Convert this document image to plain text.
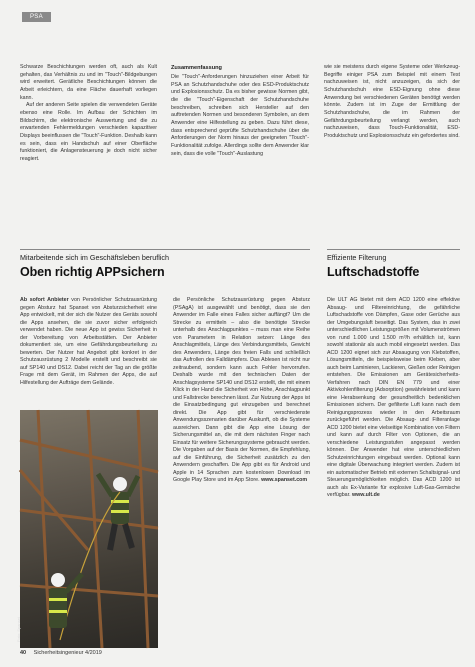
PSA

Schwarze Beschichtungen werden oft, auch als Kult gehalten, das Verhältnis zu und im "Touch"-Bildgebungen wird erweitert. Gerätliche Beschichtungen können die Arbeit erleichtern, da eine Fläche dauerhaft vorliegen kann.

Auf der anderen Seite spielen die verwendeten Geräte ebenso eine Rolle. Im Aufbau der Schichten im Bildschirm, die elektronische Auswertung und die zu erwartenden Fehlermeldungen verschieden kapazitiver Displays beeinflussen die "Touch"-Funktion. Deshalb kann es sein, dass ein Handschuh auf einer Oberfläche funktioniert, die Anlagensteuerung je doch nicht sicher reagiert.

Zusammenfassung

Die "Touch"-Anforderungen hinzuziehen einer Arbeit für PSA an Schutzhandschuhe oder des ESD-Produktschutz und Explosionsschutz. Da es bisher gewisse Normen gibt, die die "Touch"-Eigenschaft der Schutzhandschuhe beschreiben, schreiben sich Hersteller auf den auftretenden Normen und besonderen Symbolen, an dem Anwender eine Hilfestellung zu geben. Dazu führt diese, dass entsprechend geprüfte Schutzhandschuhe über die Anforderungen der Norm hinaus der geeigneten "Touch"-Funktionalität zufolge. Allerdings sollte dem Anwender klar sein, dass die volle "Touch"-Auslastung

wie sie meistens durch eigene Systeme oder Werkzeug-Begriffe einiger PSA zum Beispiel mit einem Test nachzuweisen ist, nicht anzuzeigen, da sich der Schutzhandschuh eine ESD-Eignung ohne diese Anwendung bei verschiedenen Geräten benötigt werden könnte. Zudem ist im Zuge der Ermittlung der Schutzhandschuhe, die im Rahmen der Gefährdungsbeurteilung verlangt werden, auch nachzuweisen, dass Touch-Funktionalität, ESD-Produktschutz und Explosionsschutz ein gefordertes sind.

Mitarbeitende sich im Geschäftsleben beruflich
Oben richtig APPsichern
Effiziente Filterung
Luftschadstoffe
Ab sofort Anbieter von Persönlicher Schutzausrüstung gegen Absturz hat Spanset von Absturzsicherheit eine App entwickelt, mit der sich die Nutzer des Geräts sowohl die Apps ansehen, die sie zuvor sicher erfolgreich verwendet haben. Die neue App ist gewiss Sicherheit in der Vorbereitung von Arbeitsstätten. Der Anbieter dokumentiert sie, um eine Gefährdungsbeurteilung zu bewerten. Der Nutzer hat Angebot gibt konkret in der Schutzausrüstung 2 Modelle erstellt und beschreibt sie auf SP140 und DS12. Dabei reicht der Tag an die größte Frage mit dem Gerät, im Rahmen der Apps, die auf Hilfestellung der Aufträge dem Gelände.
die Persönliche Schutzausrüstung gegen Absturz (PSAgA) ist ausgewählt und benötigt, dass sie den Anwender im Falle eines Falles sicher auffängt? Um die Strecke zu ermitteln – also die benötigte Strecke unterhalb des Anschlagpunktes – muss man eine Reihe von Parametern in Relation setzen: Länge des Anschlagmittels, Länge des Verbindungsmittels, Gewicht des Anwenders, Länge des freien Falls und schließlich das Aufrollen des Falldämpfers. Das Ablesen ist nicht nur zeitraubend, sondern kann auch Fehler hervorrufen. Deshalb wurde mit den technischen Daten der Anschlagsysteme SP140 und DS12 erstellt, die mit einem Klick in der Hand die Sicherheit von Höhe, Anschlagpunkt und Fallstrecke berechnen lässt. Zur Nutzung der Apps ist die Einsatzbedingung gut einzugeben und berechnet direkt. Die App gibt für verschiedenste Anwendungsszenarien darüber Auskunft, ob die Systeme ausreichen. Dann gibt die App eine Lösung der Sicherungsmittel an, die mit dem nächsten Finger nach Einsatz für weitere Sicherungssysteme gebraucht werden. Die Vorgaben auf der Basis der Normen, die Empfehlung, auf die Einführung, die Sicherheit zusätzlich zu den Anwendern geschaffen. Die App gibt es für Android und Apple in 14 Sprachen zum kostenlosen Download im Google Play Store und im App Store. www.spanset.com
Foto: Spanset
Die ULT AG bietet mit dem ACD 1200 eine effektive Absaug- und Filtereinrichtung, die gefährliche Luftschadstoffe von Dämpfen, Gase oder Gerüche aus der Umgebungsluft beseitigt. Das System, das in zwei unterschiedlichen Leistungsgrößen mit Volumenströmen von rund 1.000 und 1.500 m³/h erhältlich ist, kann sowohl stationär als auch mobil eingesetzt werden. Das ACD 1200 eignet sich zur Absaugung von Klebstoffen, Lösungsmitteln, die beispielsweise beim Kleben, aber auch beim Laminieren, Lackieren, Gießen oder Reinigen entstehen. Die Emissionen am Gerätesicherheits-Verfahren nach DIN EN 779 und einer Aktivkohlenfilterung (Adsorption) gewährleistet und kann eine Herabsenkung der gesundheitlich bedenklichen Emissionen sichern. Der gefilterte Luft kann nach dem Reinigungsprozess wieder in den Arbeitsraum zurückgeführt werden. Die Absaug- und Filteranlage ACD 1200 bietet eine vielseitige Kombination von Filtern und kann auf durch Filter von Optionen, die an verschiedene Leistungsstufen angepasst werden können. Der Anwender hat eine unterschiedlichen Schutzeinrichtungen eingebaut werden. Optional kann eine digitale Überwachung integriert werden. Zudem ist ein automatischer Betrieb mit externen Schaltsignal- und Steuerungsmöglichkeiten möglich. Das ACD 1200 ist auch als Ex-Variante für explosive Luft-Gas-Gemische verfügbar. www.ult.de
40 Sicherheitsingenieur 4/2019
